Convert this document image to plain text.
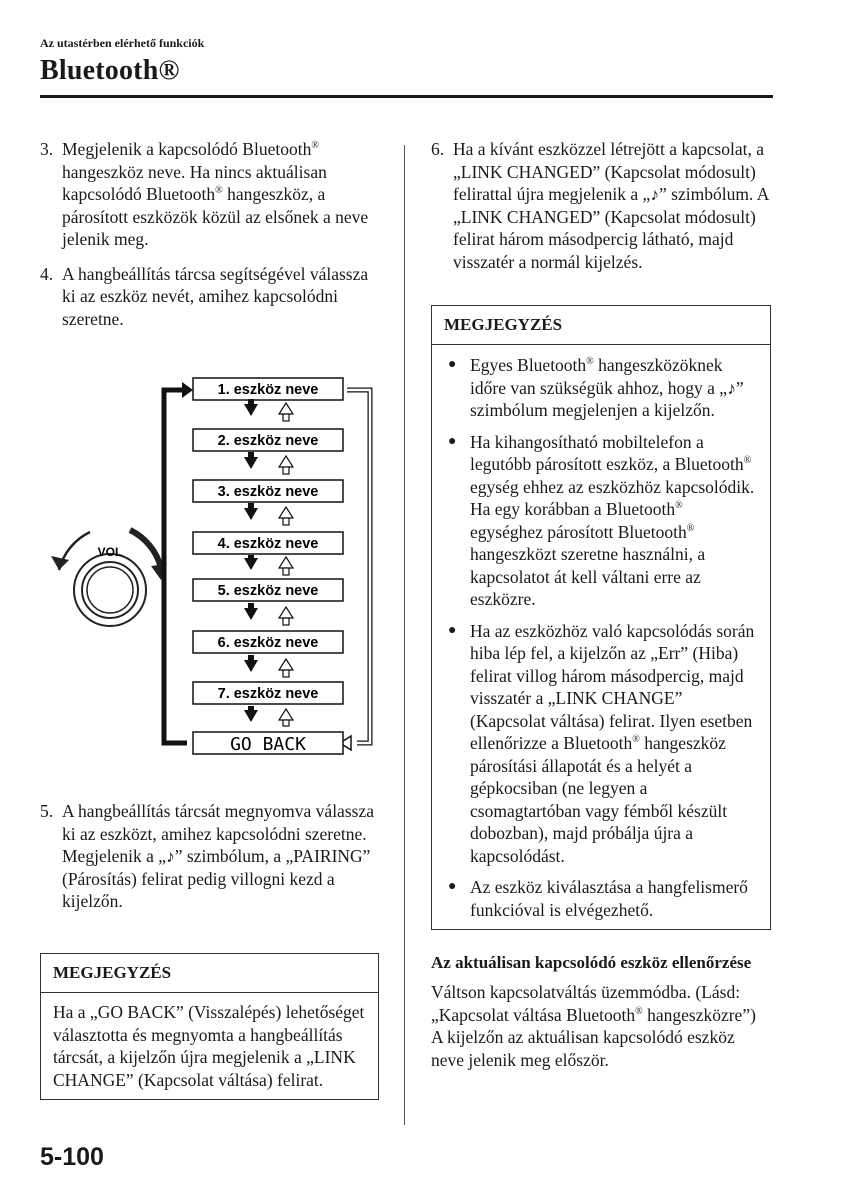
Az utastérben elérhető funkciók
Bluetooth®
3. Megjelenik a kapcsolódó Bluetooth® hangeszköz neve. Ha nincs aktuálisan kapcsolódó Bluetooth® hangeszköz, a párosított eszközök közül az elsőnek a neve jelenik meg.
4. A hangbeállítás tárcsa segítségével válassza ki az eszköz nevét, amihez kapcsolódni szeretne.
VOL
1. eszköz neve
2. eszköz neve
3. eszköz neve
4. eszköz neve
5. eszköz neve
6. eszköz neve
7. eszköz neve
GO BACK
5. A hangbeállítás tárcsát megnyomva válassza ki az eszközt, amihez kapcsolódni szeretne.
Megjelenik a „♪” szimbólum, a „PAIRING” (Párosítás) felirat pedig villogni kezd a kijelzőn.
MEGJEGYZÉS
Ha a „GO BACK” (Visszalépés) lehetőséget választotta és megnyomta a hangbeállítás tárcsát, a kijelzőn újra megjelenik a „LINK CHANGE” (Kapcsolat váltása) felirat.
6. Ha a kívánt eszközzel létrejött a kapcsolat, a „LINK CHANGED” (Kapcsolat módosult) felirattal újra megjelenik a „♪” szimbólum. A „LINK CHANGED” (Kapcsolat módosult) felirat három másodpercig látható, majd visszatér a normál kijelzés.
MEGJEGYZÉS
● Egyes Bluetooth® hangeszközöknek időre van szükségük ahhoz, hogy a „♪” szimbólum megjelenjen a kijelzőn.
● Ha kihangosítható mobiltelefon a legutóbb párosított eszköz, a Bluetooth® egység ehhez az eszközhöz kapcsolódik. Ha egy korábban a Bluetooth® egységhez párosított Bluetooth® hangeszközt szeretne használni, a kapcsolatot át kell váltani erre az eszközre.
● Ha az eszközhöz való kapcsolódás során hiba lép fel, a kijelzőn az „Err” (Hiba) felirat villog három másodpercig, majd visszatér a „LINK CHANGE” (Kapcsolat váltása) felirat. Ilyen esetben ellenőrizze a Bluetooth® hangeszköz párosítási állapotát és a helyét a gépkocsiban (ne legyen a csomagtartóban vagy fémből készült dobozban), majd próbálja újra a kapcsolódást.
● Az eszköz kiválasztása a hangfelismerő funkcióval is elvégezhető.
Az aktuálisan kapcsolódó eszköz ellenőrzése
Váltson kapcsolatváltás üzemmódba. (Lásd: „Kapcsolat váltása Bluetooth® hangeszközre”)
A kijelzőn az aktuálisan kapcsolódó eszköz neve jelenik meg először.
5-100
